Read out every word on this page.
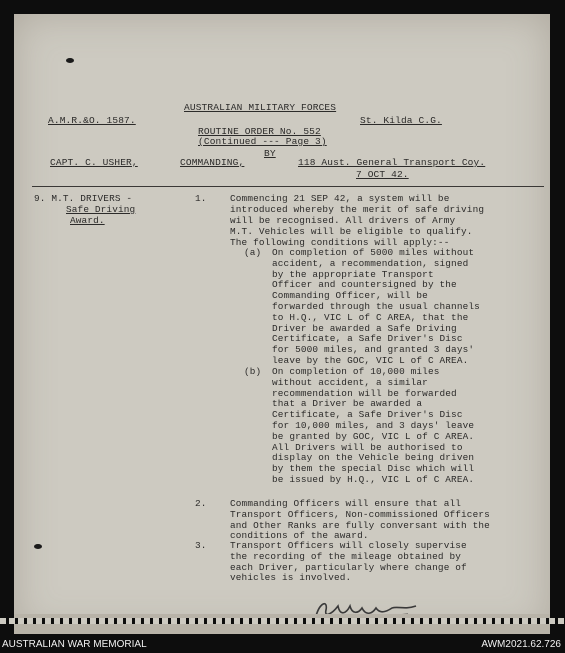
AUSTRALIAN MILITARY FORCES
A.M.R.&O. 1587.	St. Kilda C.G.
ROUTINE ORDER No. 552
(Continued --- Page 3)
BY
CAPT. C. USHER,	COMMANDING,	118 Aust. General Transport Coy.
7 OCT 42.
9. M.T. DRIVERS -
Safe Driving
Award.
1. Commencing 21 SEP 42, a system will be
introduced whereby the merit of safe driving
will be recognised. All drivers of Army
M.T. Vehicles will be eligible to qualify.
The following conditions will apply:--
(a) On completion of 5000 miles without
accident, a recommendation, signed
by the appropriate Transport
Officer and countersigned by the
Commanding Officer, will be
forwarded through the usual channels
to H.Q., VIC L of C AREA, that the
Driver be awarded a Safe Driving
Certificate, a Safe Driver's Disc
for 5000 miles, and granted 3 days'
leave by the GOC, VIC L of C AREA.
(b) On completion of 10,000 miles
without accident, a similar
recommendation will be forwarded
that a Driver be awarded a
Certificate, a Safe Driver's Disc
for 10,000 miles, and 3 days' leave
be granted by GOC, VIC L of C AREA.
All Drivers will be authorised to
display on the Vehicle being driven
by them the special Disc which will
be issued by H.Q., VIC L of C AREA.
2. Commanding Officers will ensure that all
Transport Officers, Non-commissioned Officers
and Other Ranks are fully conversant with the
conditions of the award.
3. Transport Officers will closely supervise
the recording of the mileage obtained by
each Driver, particularly where change of
vehicles is involved.
AUSTRALIAN WAR MEMORIAL	AWM2021.62.726
